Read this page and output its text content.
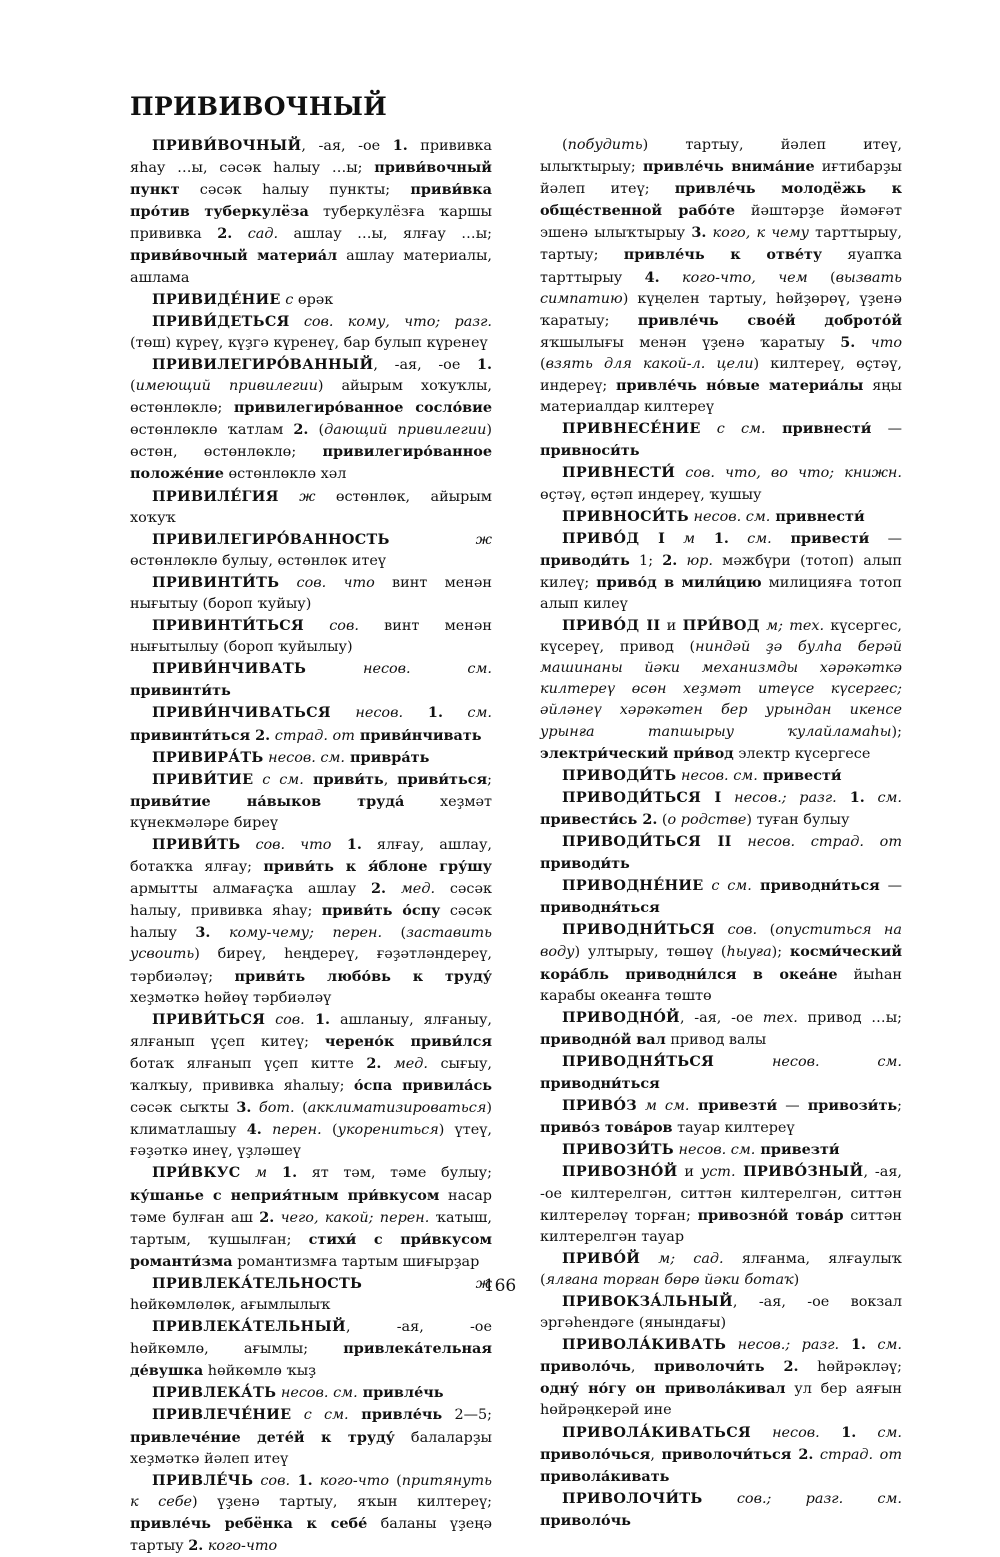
ПРИВИВОЧНЫЙ

ПРИВИ́ВОЧНЫЙ, -ая, -ое 1. прививка яһау …ы, сәсәк һалыу …ы; приви́вочный пункт сәсәк һалыу пункты; приви́вка про́тив туберкулёза туберкулёзға ҡаршы прививка 2. сад. ашлау …ы, ялғау …ы; приви́вочный материа́л ашлау материалы, ашлама

ПРИВИДЕ́НИЕ с өрәк

ПРИВИ́ДЕТЬСЯ сов. кому, что; разг. (төш) күреү, күҙгә күренеү, бар булып күренеү

ПРИВИЛЕГИРО́ВАННЫЙ, -ая, -ое 1. (имеющий привилегии) айырым хоҡуҡлы, өстөнлөклө; привилегиро́ванное сосло́вие өстөнлөклө ҡатлам 2. (дающий привилегии) өстөн, өстөнлөклө; привилегиро́ванное положе́ние өстөнлөклө хәл

ПРИВИЛЕ́ГИЯ ж өстөнлөк, айырым хоҡуҡ

ПРИВИЛЕГИРО́ВАННОСТЬ ж өстөнлөклө булыу, өстөнлөк итеү

ПРИВИНТИ́ТЬ сов. что винт менән нығытыу (бороп ҡуйыу)

ПРИВИНТИ́ТЬСЯ сов. винт менән нығытылыу (бороп ҡуйылыу)

ПРИВИ́НЧИВАТЬ несов. см. привинти́ть

ПРИВИ́НЧИВАТЬСЯ несов. 1. см. привинти́ться 2. страд. от приви́нчивать

ПРИВИРА́ТЬ несов. см. привра́ть

ПРИВИ́ТИЕ с см. приви́ть, приви́ться; приви́тие на́выков труда́ хеҙмәт күнекмәләре биреү

ПРИВИ́ТЬ сов. что 1. ялғау, ашлау, ботаҡҡа ялғау; приви́ть к я́блоне гру́шу армытты алмағаҫҡа ашлау 2. мед. сәсәк һалыу, прививка яһау; приви́ть о́спу сәсәк һалыу 3. кому-чему; перен. (заставить усвоить) биреү, һеңдереү, ғәҙәтләндереү, тәрбиәләү; приви́ть любо́вь к труду́ хеҙмәткә һөйөү тәрбиәләү

ПРИВИ́ТЬСЯ сов. 1. ашланыу, ялғаныу, ялғанып үҫеп китеү; черено́к приви́лся ботаҡ ялғанып үҫеп китте 2. мед. сығыу, ҡалҡыу, прививка яһалыу; о́спа привила́сь сәсәк сыҡты 3. бот. (акклиматизироваться) климатлашыу 4. перен. (укорениться) үтеү, ғәҙәткә инеү, үҙләшеү

ПРИ́ВКУС м 1. ят тәм, тәме булыу; ку́шанье с неприя́тным при́вкусом насар тәме булған аш 2. чего, какой; перен. ҡатыш, тартым, ҡушылған; стихи́ с при́вкусом романти́зма романтизмға тартым шиғырҙар

ПРИВЛЕКА́ТЕЛЬНОСТЬ ж һөйкөмлөлөк, ағымлылыҡ

ПРИВЛЕКА́ТЕЛЬНЫЙ, -ая, -ое һөйкөмлө, ағымлы; привлека́тельная де́вушка һөйкөмлө ҡыҙ

ПРИВЛЕКА́ТЬ несов. см. привле́чь

ПРИВЛЕЧЕ́НИЕ с см. привле́чь 2—5; привлече́ние дете́й к труду́ балаларҙы хеҙмәткә йәлеп итеү

ПРИВЛЕ́ЧЬ сов. 1. кого-что (притянуть к себе) үҙенә тартыу, яҡын килтереү; привле́чь ребёнка к себе́ баланы үҙеңә тартыу 2. кого-что

(побудить) тартыу, йәлеп итеү, ылыҡтырыу; привле́чь внима́ние иғтибарҙы йәлеп итеү; привле́чь молодёжь к обще́ственной рабо́те йәштәрҙе йәмәғәт эшенә ылыҡтырыу 3. кого, к чему тарттырыу, тартыу; привле́чь к отве́ту яуапҡа тарттырыу 4. кого-что, чем (вызвать симпатию) күңелен тартыу, һөйҙөрөү, үҙенә ҡаратыу; привле́чь свое́й доброто́й яҡшылығы менән үҙенә ҡаратыу 5. что (взять для какой-л. цели) килтереү, өҫтәү, индереү; привле́чь но́вые материа́лы яңы материалдар килтереү

ПРИВНЕСЕ́НИЕ с см. привнести́ — привноси́ть

ПРИВНЕСТИ́ сов. что, во что; книжн. өҫтәү, өҫтәп индереү, ҡушыу

ПРИВНОСИ́ТЬ несов. см. привнести́

ПРИВО́Д I м 1. см. привести́ — приводи́ть 1; 2. юр. мәжбүри (тотоп) алып килеү; приво́д в мили́цию милицияға тотоп алып килеү

ПРИВО́Д II и ПРИ́ВОД м; тех. күсергес, күсереү, привод (ниндәй ҙә булһа берәй машинаны йәки механизмды хәрәкәткә килтереү өсөн хеҙмәт итеүсе күсергес; әйләнеү хәрәкәтен бер урындан икенсе урынға тапшырыу ҡулайламаһы); электри́ческий при́вод электр күсергесе

ПРИВОДИ́ТЬ несов. см. привести́

ПРИВОДИ́ТЬСЯ I несов.; разг. 1. см. привести́сь 2. (о родстве) туған булыу

ПРИВОДИ́ТЬСЯ II несов. страд. от приводи́ть

ПРИВОДНЕ́НИЕ с см. приводни́ться — приводня́ться

ПРИВОДНИ́ТЬСЯ сов. (опуститься на воду) ултырыу, төшөү (һыуға); косми́ческий кора́бль приводни́лся в океа́не йыһан карабы океанға төштө

ПРИВОДНО́Й, -ая, -ое тех. привод …ы; приводно́й вал привод валы

ПРИВОДНЯ́ТЬСЯ несов. см. приводни́ться

ПРИВО́З м см. привезти́ — привози́ть; приво́з това́ров тауар килтереү

ПРИВОЗИ́ТЬ несов. см. привезти́

ПРИВОЗНО́Й и уст. ПРИВО́ЗНЫЙ, -ая, -ое килтерелгән, ситтән килтерелгән, ситтән килтереләү торған; привозно́й това́р ситтән килтерелгән тауар

ПРИВО́Й м; сад. ялғанма, ялғаулыҡ (ялғана торған бөрө йәки ботаҡ)

ПРИВОКЗА́ЛЬНЫЙ, -ая, -ое вокзал эргәһендәге (янындағы)

ПРИВОЛА́КИВАТЬ несов.; разг. 1. см. приволо́чь, приволочи́ть 2. һөйрәкләү; одну́ но́гу он привола́кивал ул бер аяғын һөйрәңкерәй ине

ПРИВОЛА́КИВАТЬСЯ несов. 1. см. приволо́чься, приволочи́ться 2. страд. от привола́кивать

ПРИВОЛОЧИ́ТЬ сов.; разг. см. приволо́чь

166
